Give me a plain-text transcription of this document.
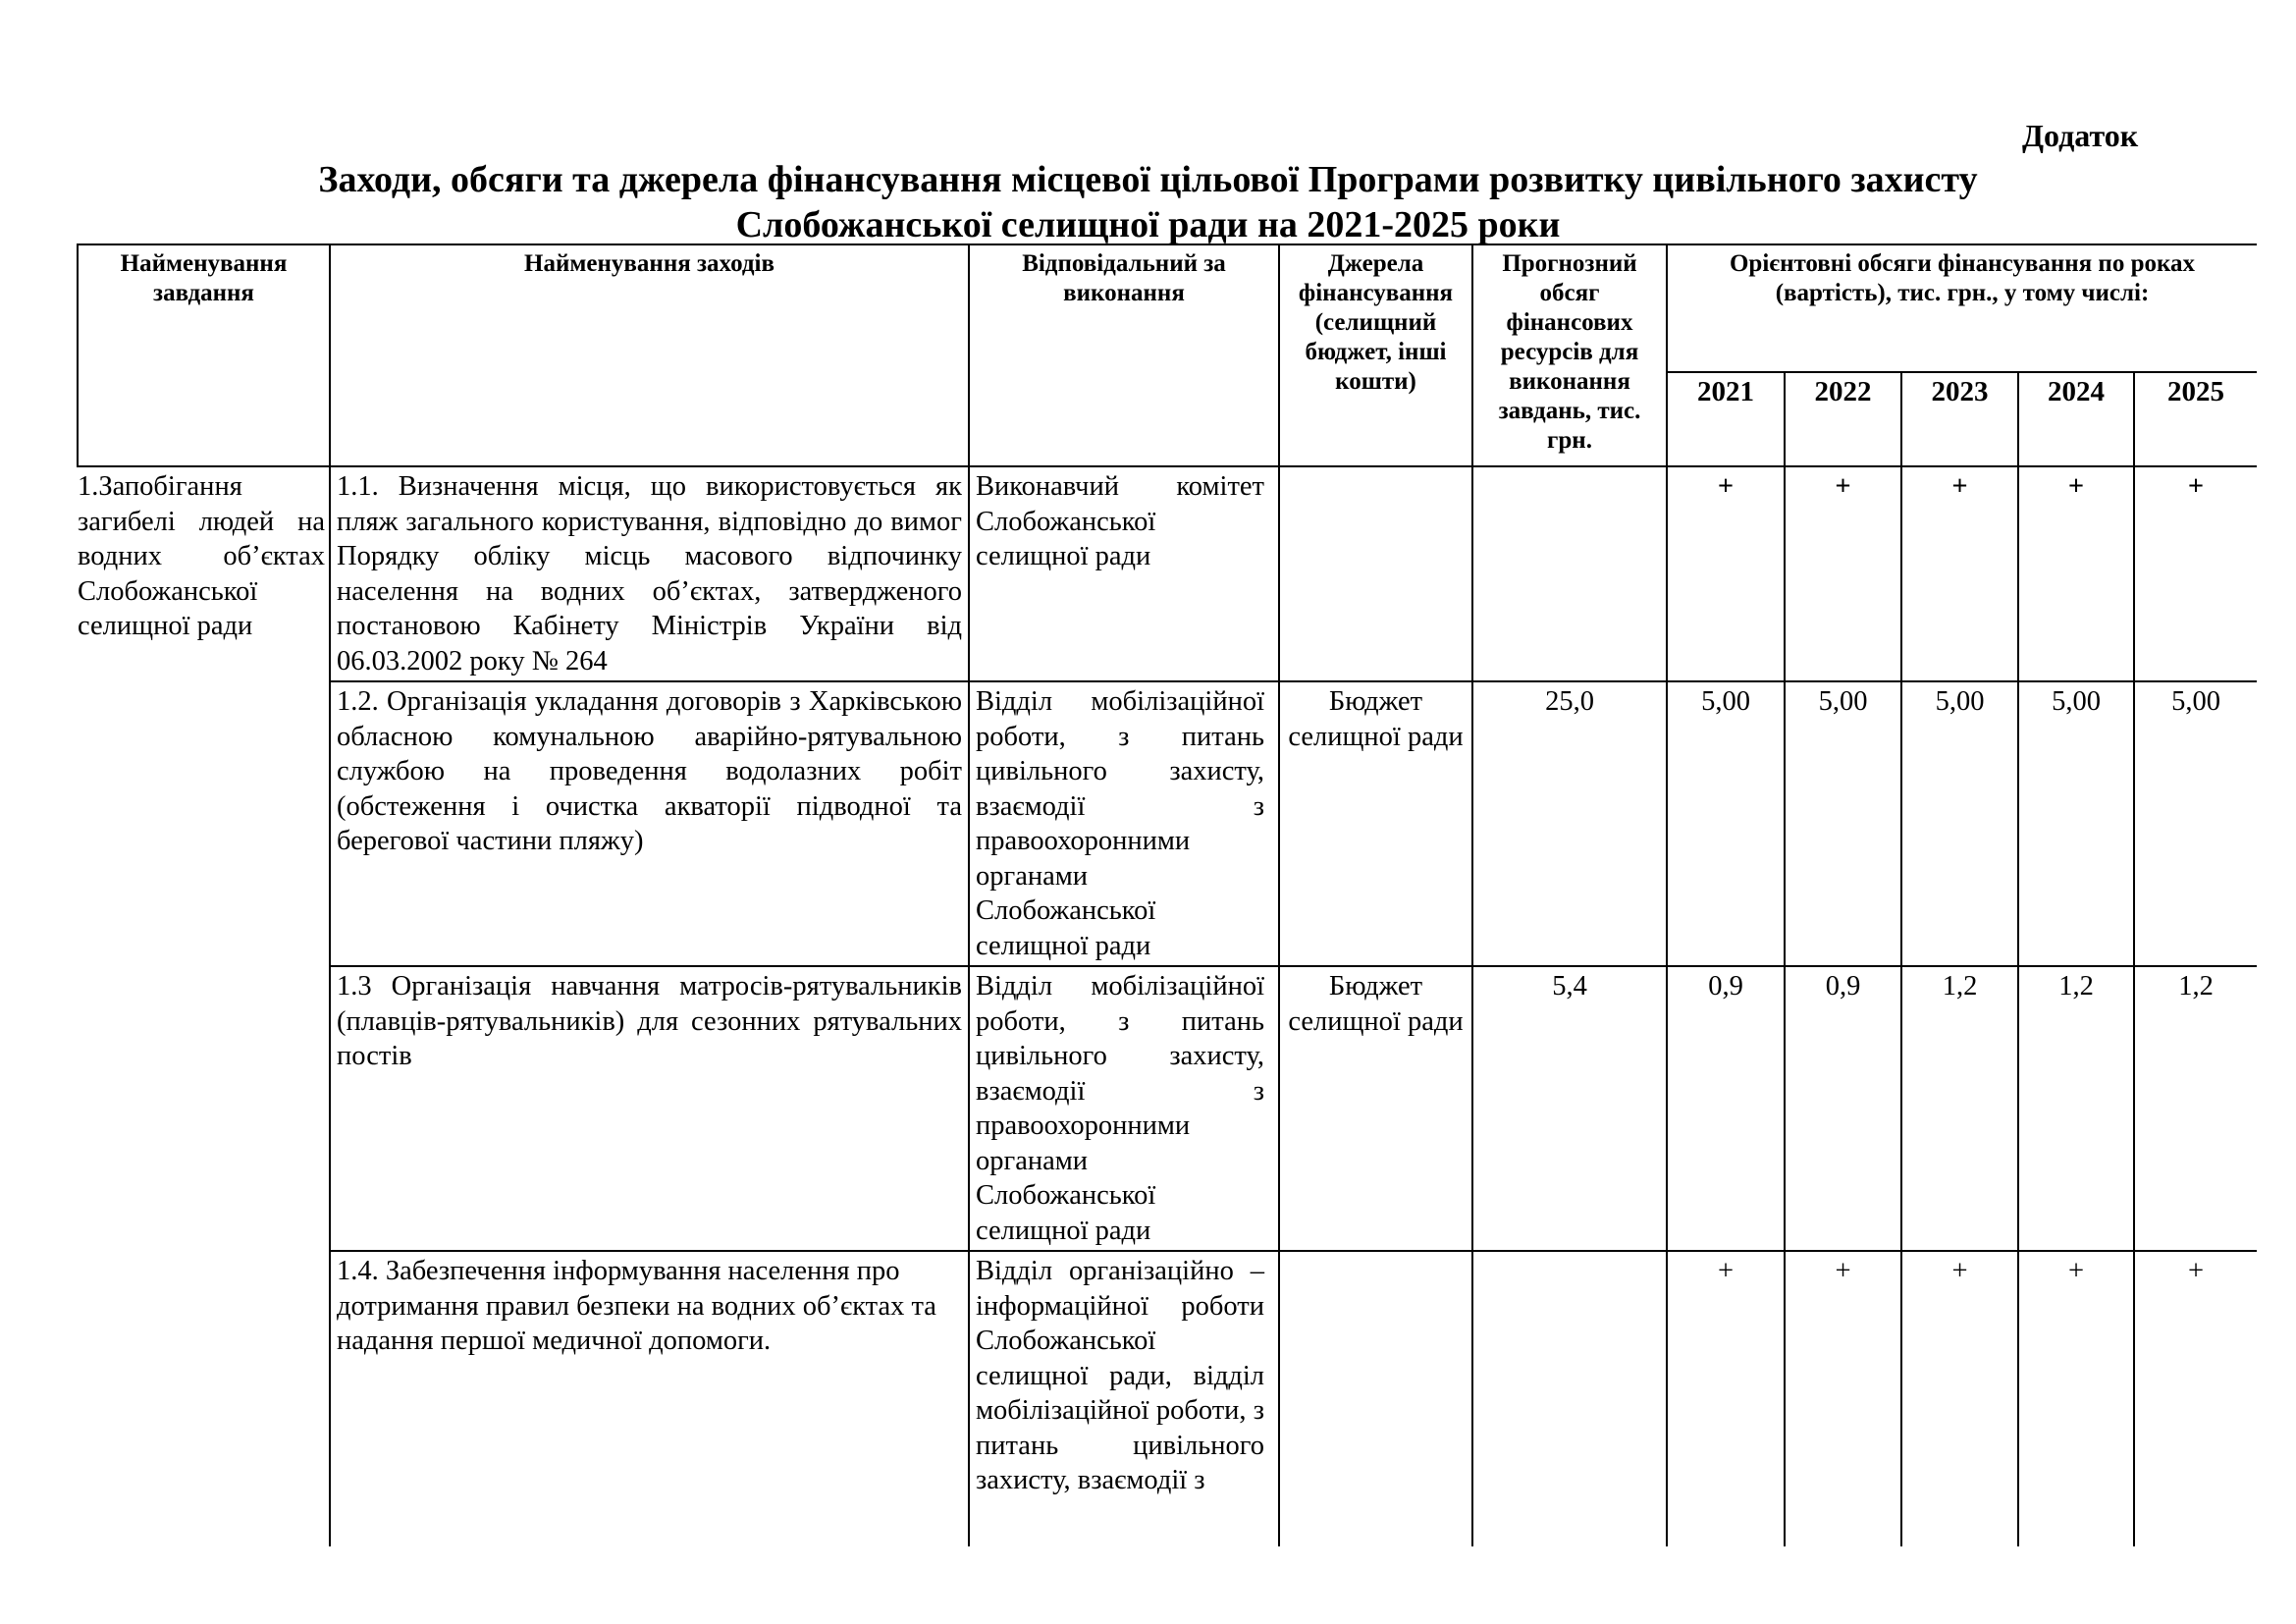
Додаток
Заходи, обсяги та джерела фінансування місцевої цільової Програми розвитку цивільного захисту
Слобожанської селищної ради на 2021-2025 роки
Найменування завдання	Найменування заходів	Відповідальний за виконання	Джерела фінансування (селищний бюджет, інші кошти)	Прогнозний обсяг фінансових ресурсів для виконання завдань, тис. грн.	Орієнтовні обсяги фінансування по роках (вартість), тис. грн., у тому числі:				
					2021	2022	2023	2024	2025
1.Запобігання загибелі людей на водних об’єктах Слобожанської селищної ради	1.1. Визначення місця, що використовується як пляж загального користування, відповідно до вимог Порядку обліку місць масового відпочинку населення на водних об’єктах, затвердженого постановою Кабінету Міністрів України від 06.03.2002 року № 264	Виконавчий комітет Слобожанської селищної ради			+	+	+	+	+
	1.2. Організація укладання договорів з Харківською обласною комунальною аварійно-рятувальною службою на проведення водолазних робіт (обстеження і очистка акваторії підводної та берегової частини пляжу)	Відділ мобілізаційної роботи, з питань цивільного захисту, взаємодії з правоохоронними органами Слобожанської селищної ради	Бюджет селищної ради	25,0	5,00	5,00	5,00	5,00	5,00
	1.3 Організація навчання матросів-рятувальників (плавців-рятувальників) для сезонних рятувальних постів	Відділ мобілізаційної роботи, з питань цивільного захисту, взаємодії з правоохоронними органами Слобожанської селищної ради	Бюджет селищної ради	5,4	0,9	0,9	1,2	1,2	1,2
	1.4. Забезпечення інформування населення про дотримання правил безпеки на водних об’єктах та надання першої медичної допомоги.	Відділ організаційно – інформаційної роботи Слобожанської селищної ради, відділ мобілізаційної роботи, з питань цивільного захисту, взаємодії з			+	+	+	+	+
